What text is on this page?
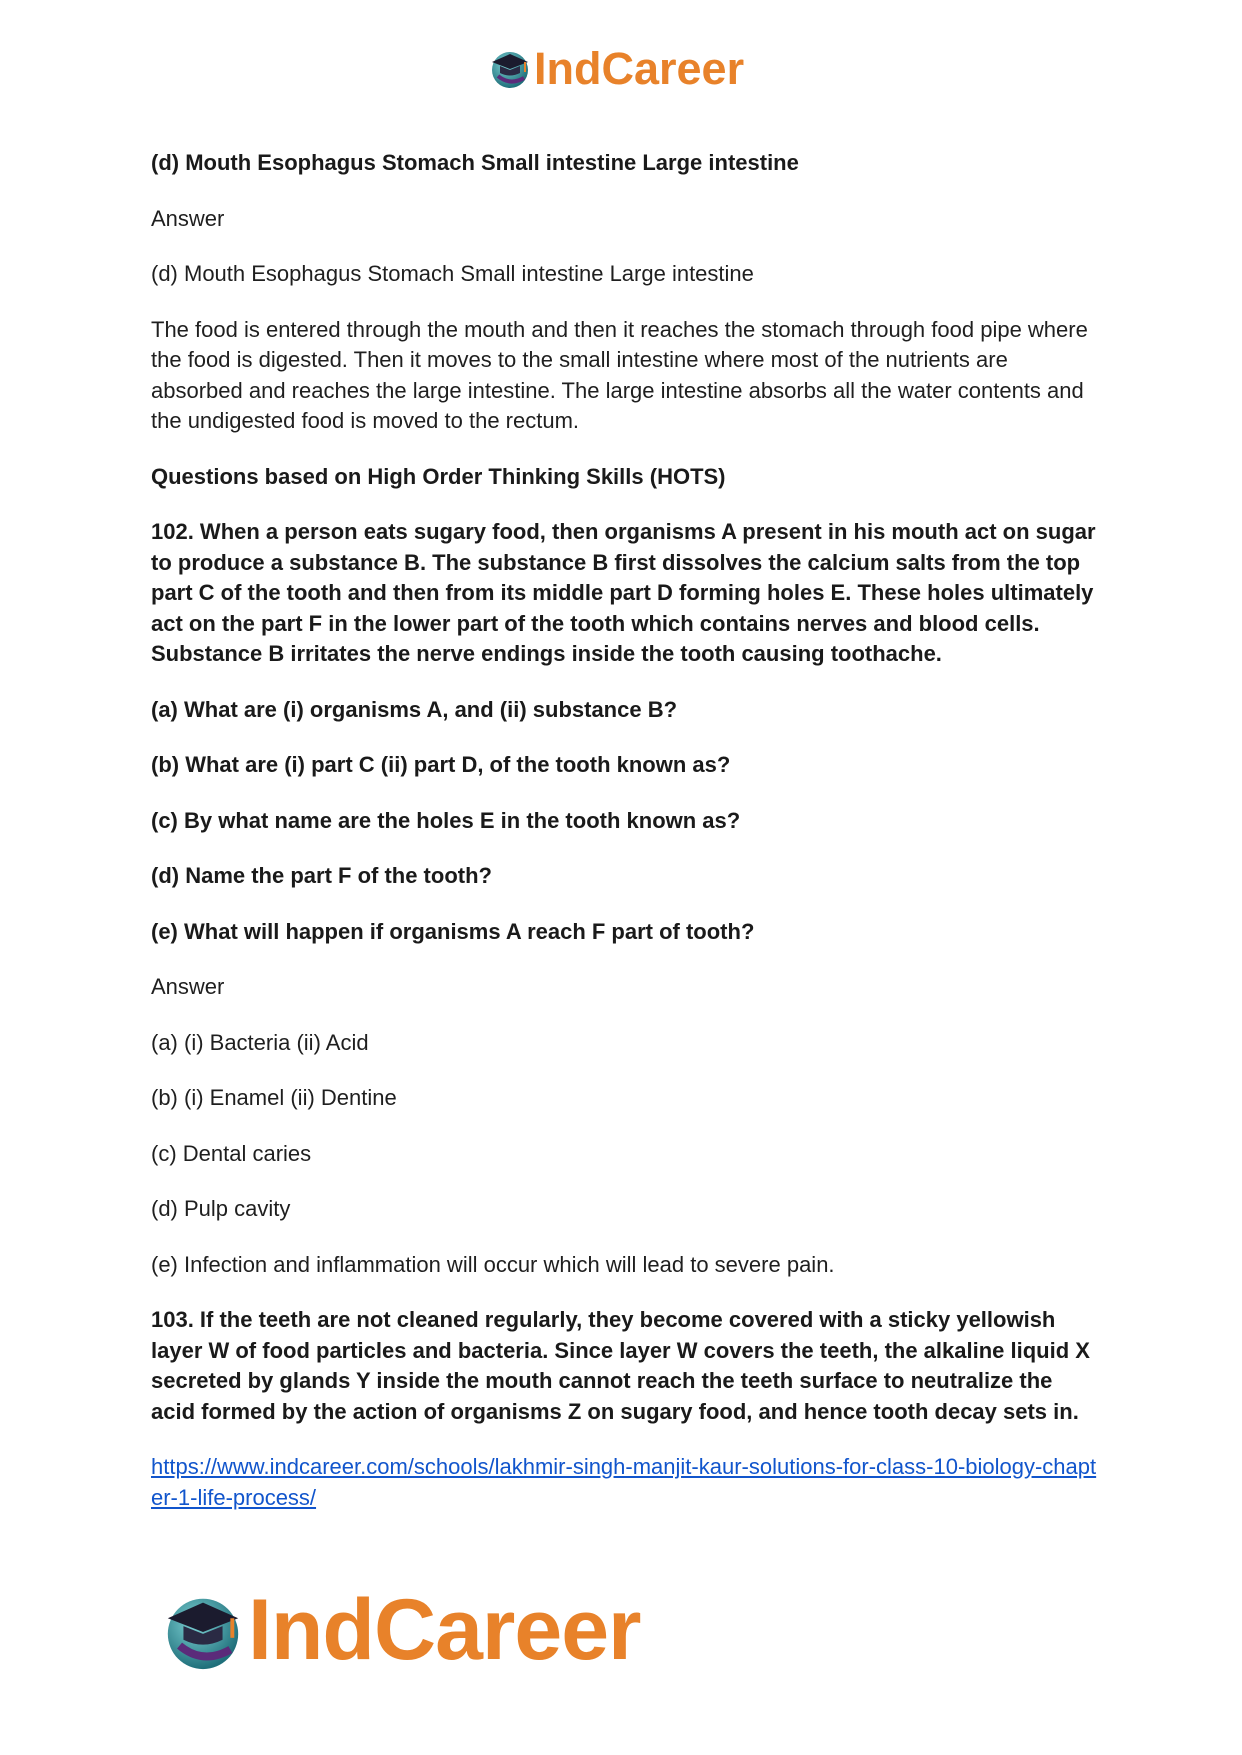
IndCareer

(d) Mouth Esophagus Stomach Small intestine Large intestine

Answer

(d) Mouth Esophagus Stomach Small intestine Large intestine

The food is entered through the mouth and then it reaches the stomach through food pipe where the food is digested. Then it moves to the small intestine where most of the nutrients are absorbed and reaches the large intestine. The large intestine absorbs all the water contents and the undigested food is moved to the rectum.

Questions based on High Order Thinking Skills (HOTS)

102. When a person eats sugary food, then organisms A present in his mouth act on sugar to produce a substance B. The substance B first dissolves the calcium salts from the top part C of the tooth and then from its middle part D forming holes E. These holes ultimately act on the part F in the lower part of the tooth which contains nerves and blood cells. Substance B irritates the nerve endings inside the tooth causing toothache.

(a) What are (i) organisms A, and (ii) substance B?

(b) What are (i) part C (ii) part D, of the tooth known as?

(c) By what name are the holes E in the tooth known as?

(d) Name the part F of the tooth?

(e) What will happen if organisms A reach F part of tooth?

Answer

(a) (i) Bacteria (ii) Acid

(b) (i) Enamel (ii) Dentine

(c) Dental caries

(d) Pulp cavity

(e) Infection and inflammation will occur which will lead to severe pain.

103. If the teeth are not cleaned regularly, they become covered with a sticky yellowish layer W of food particles and bacteria. Since layer W covers the teeth, the alkaline liquid X secreted by glands Y inside the mouth cannot reach the teeth surface to neutralize the acid formed by the action of organisms Z on sugary food, and hence tooth decay sets in.

https://www.indcareer.com/schools/lakhmir-singh-manjit-kaur-solutions-for-class-10-biology-chapter-1-life-process/

IndCareer
